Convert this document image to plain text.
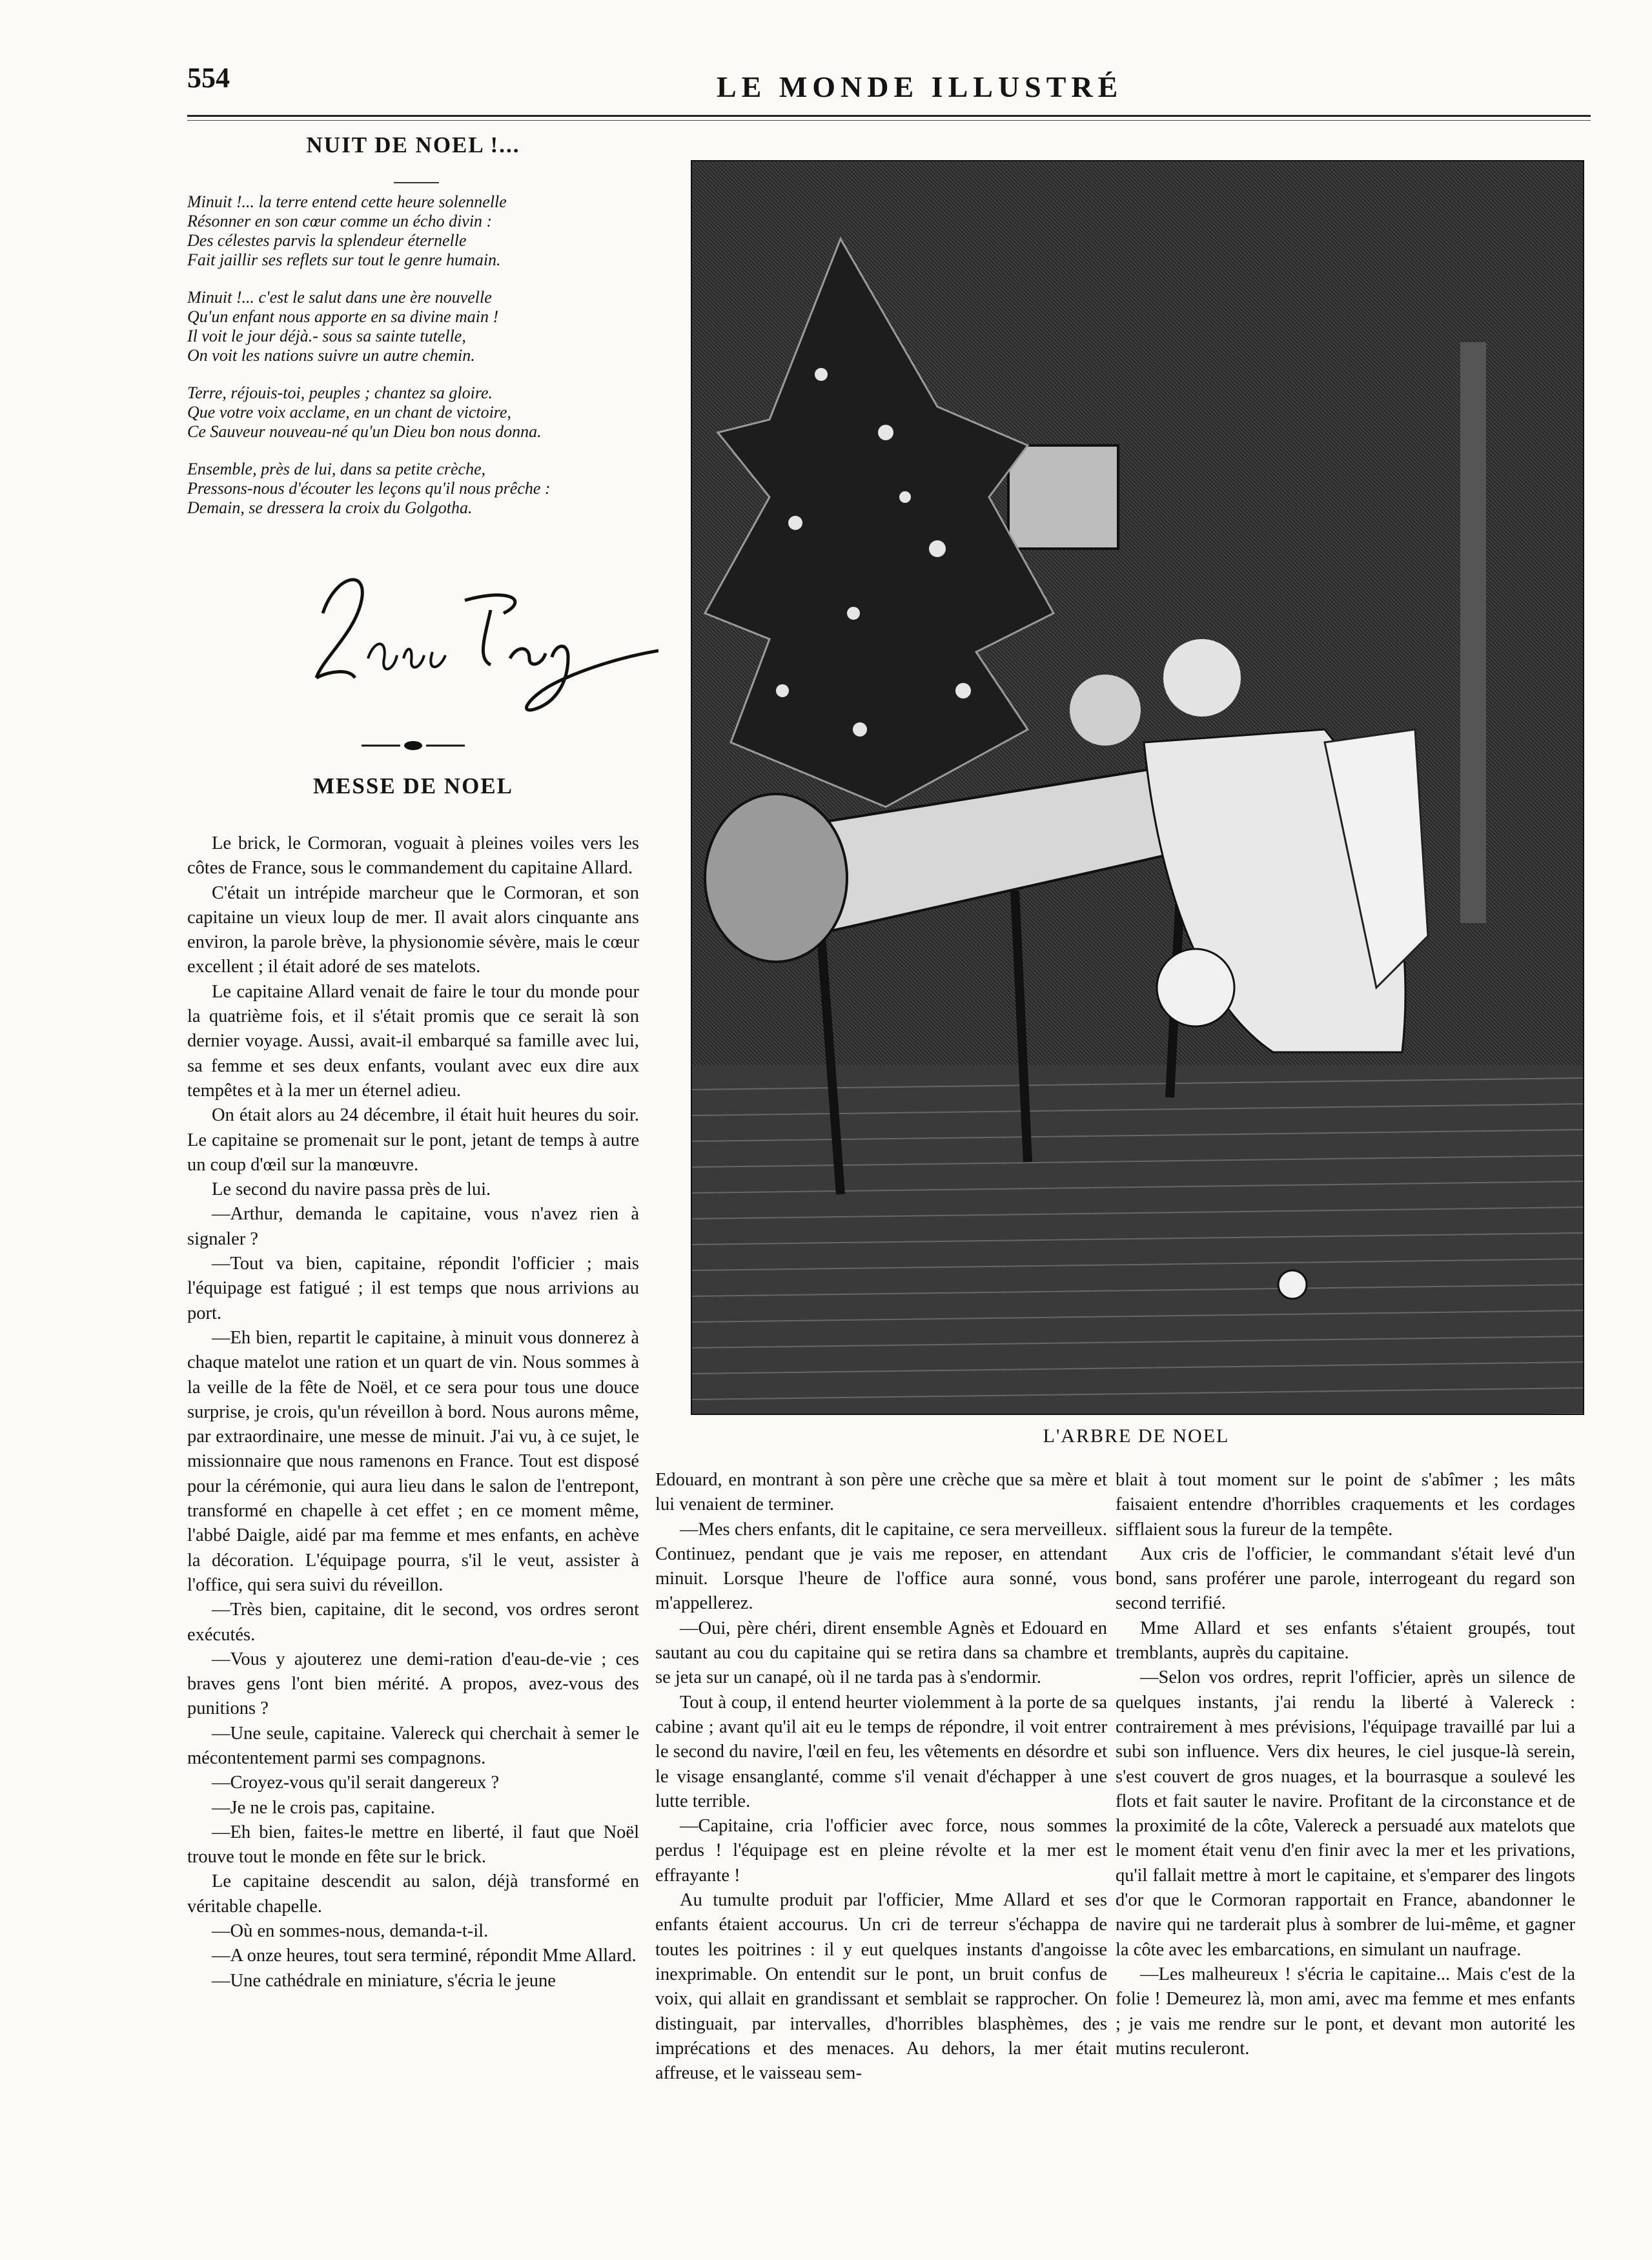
554	LE MONDE ILLUSTRÉ
NUIT DE NOEL !...
Minuit !... la terre entend cette heure solennelle
Résonner en son cœur comme un écho divin :
Des célestes parvis la splendeur éternelle
Fait jaillir ses reflets sur tout le genre humain.
Minuit !... c'est le salut dans une ère nouvelle
Qu'un enfant nous apporte en sa divine main !
Il voit le jour déjà.- sous sa sainte tutelle,
On voit les nations suivre un autre chemin.
Terre, réjouis-toi, peuples ; chantez sa gloire.
Que votre voix acclame, en un chant de victoire,
Ce Sauveur nouveau-né qu'un Dieu bon nous donna.
Ensemble, près de lui, dans sa petite crèche,
Pressons-nous d'écouter les leçons qu'il nous prêche :
Demain, se dressera la croix du Golgotha.
MESSE DE NOEL

Le brick, le Cormoran, voguait à pleines voiles vers les côtes de France, sous le commandement du capitaine Allard.

C'était un intrépide marcheur que le Cormoran, et son capitaine un vieux loup de mer. Il avait alors cinquante ans environ, la parole brève, la physionomie sévère, mais le cœur excellent ; il était adoré de ses matelots.

Le capitaine Allard venait de faire le tour du monde pour la quatrième fois, et il s'était promis que ce serait là son dernier voyage. Aussi, avait-il embarqué sa famille avec lui, sa femme et ses deux enfants, voulant avec eux dire aux tempêtes et à la mer un éternel adieu.

On était alors au 24 décembre, il était huit heures du soir. Le capitaine se promenait sur le pont, jetant de temps à autre un coup d'œil sur la manœuvre.

Le second du navire passa près de lui.

—Arthur, demanda le capitaine, vous n'avez rien à signaler ?

—Tout va bien, capitaine, répondit l'officier ; mais l'équipage est fatigué ; il est temps que nous arrivions au port.

—Eh bien, repartit le capitaine, à minuit vous donnerez à chaque matelot une ration et un quart de vin. Nous sommes à la veille de la fête de Noël, et ce sera pour tous une douce surprise, je crois, qu'un réveillon à bord. Nous aurons même, par extraordinaire, une messe de minuit. J'ai vu, à ce sujet, le missionnaire que nous ramenons en France. Tout est disposé pour la cérémonie, qui aura lieu dans le salon de l'entrepont, transformé en chapelle à cet effet ; en ce moment même, l'abbé Daigle, aidé par ma femme et mes enfants, en achève la décoration. L'équipage pourra, s'il le veut, assister à l'office, qui sera suivi du réveillon.

—Très bien, capitaine, dit le second, vos ordres seront exécutés.

—Vous y ajouterez une demi-ration d'eau-de-vie ; ces braves gens l'ont bien mérité. A propos, avez-vous des punitions ?

—Une seule, capitaine. Valereck qui cherchait à semer le mécontentement parmi ses compagnons.

—Croyez-vous qu'il serait dangereux ?

—Je ne le crois pas, capitaine.

—Eh bien, faites-le mettre en liberté, il faut que Noël trouve tout le monde en fête sur le brick.

Le capitaine descendit au salon, déjà transformé en véritable chapelle.

—Où en sommes-nous, demanda-t-il.

—A onze heures, tout sera terminé, répondit Mme Allard.

—Une cathédrale en miniature, s'écria le jeune

L'ARBRE DE NOEL

Edouard, en montrant à son père une crèche que sa mère et lui venaient de terminer.

—Mes chers enfants, dit le capitaine, ce sera merveilleux. Continuez, pendant que je vais me reposer, en attendant minuit. Lorsque l'heure de l'office aura sonné, vous m'appellerez.

—Oui, père chéri, dirent ensemble Agnès et Edouard en sautant au cou du capitaine qui se retira dans sa chambre et se jeta sur un canapé, où il ne tarda pas à s'endormir.

Tout à coup, il entend heurter violemment à la porte de sa cabine ; avant qu'il ait eu le temps de répondre, il voit entrer le second du navire, l'œil en feu, les vêtements en désordre et le visage ensanglanté, comme s'il venait d'échapper à une lutte terrible.

—Capitaine, cria l'officier avec force, nous sommes perdus ! l'équipage est en pleine révolte et la mer est effrayante !

Au tumulte produit par l'officier, Mme Allard et ses enfants étaient accourus. Un cri de terreur s'échappa de toutes les poitrines : il y eut quelques instants d'angoisse inexprimable. On entendit sur le pont, un bruit confus de voix, qui allait en grandissant et semblait se rapprocher. On distinguait, par intervalles, d'horribles blasphèmes, des imprécations et des menaces. Au dehors, la mer était affreuse, et le vaisseau sem-

blait à tout moment sur le point de s'abîmer ; les mâts faisaient entendre d'horribles craquements et les cordages sifflaient sous la fureur de la tempête.

Aux cris de l'officier, le commandant s'était levé d'un bond, sans proférer une parole, interrogeant du regard son second terrifié.

Mme Allard et ses enfants s'étaient groupés, tout tremblants, auprès du capitaine.

—Selon vos ordres, reprit l'officier, après un silence de quelques instants, j'ai rendu la liberté à Valereck : contrairement à mes prévisions, l'équipage travaillé par lui a subi son influence. Vers dix heures, le ciel jusque-là serein, s'est couvert de gros nuages, et la bourrasque a soulevé les flots et fait sauter le navire. Profitant de la circonstance et de la proximité de la côte, Valereck a persuadé aux matelots que le moment était venu d'en finir avec la mer et les privations, qu'il fallait mettre à mort le capitaine, et s'emparer des lingots d'or que le Cormoran rapportait en France, abandonner le navire qui ne tarderait plus à sombrer de lui-même, et gagner la côte avec les embarcations, en simulant un naufrage.

—Les malheureux ! s'écria le capitaine... Mais c'est de la folie ! Demeurez là, mon ami, avec ma femme et mes enfants ; je vais me rendre sur le pont, et devant mon autorité les mutins reculeront.
